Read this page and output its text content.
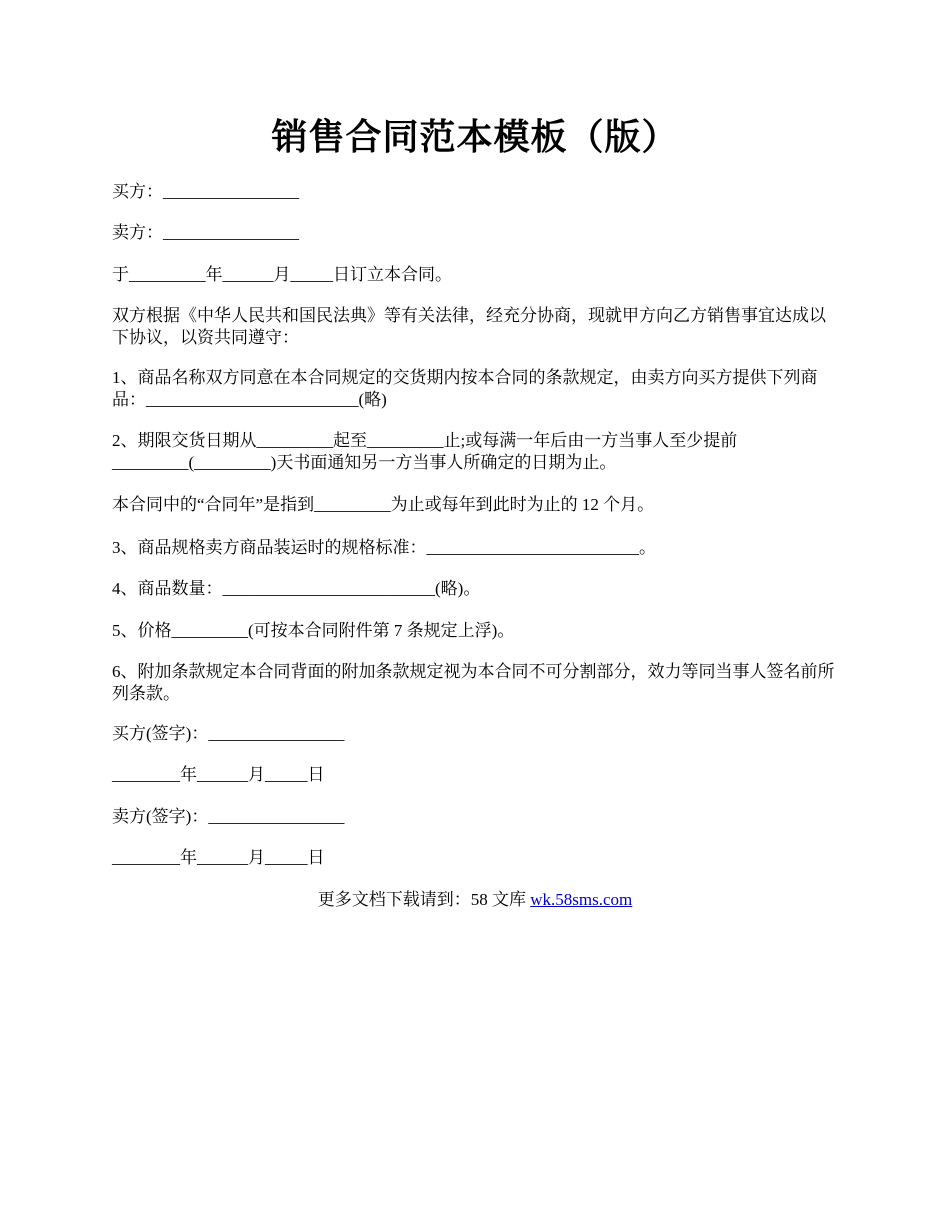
销售合同范本模板（版）
买方：________________
卖方：________________
于_________年______月_____日订立本合同。
双方根据《中华人民共和国民法典》等有关法律，经充分协商，现就甲方向乙方销售事宜达成以下协议，以资共同遵守：
1、商品名称双方同意在本合同规定的交货期内按本合同的条款规定，由卖方向买方提供下列商品：_________________________(略)
2、期限交货日期从_________起至_________止;或每满一年后由一方当事人至少提前_________(_________)天书面通知另一方当事人所确定的日期为止。
本合同中的“合同年”是指到_________为止或每年到此时为止的 12 个月。
3、商品规格卖方商品装运时的规格标准：_________________________。
4、商品数量：_________________________(略)。
5、价格_________(可按本合同附件第 7 条规定上浮)。
6、附加条款规定本合同背面的附加条款规定视为本合同不可分割部分，效力等同当事人签名前所列条款。
买方(签字)：________________
________年______月_____日
卖方(签字)：________________
________年______月_____日
更多文档下载请到：58 文库 wk.58sms.com
